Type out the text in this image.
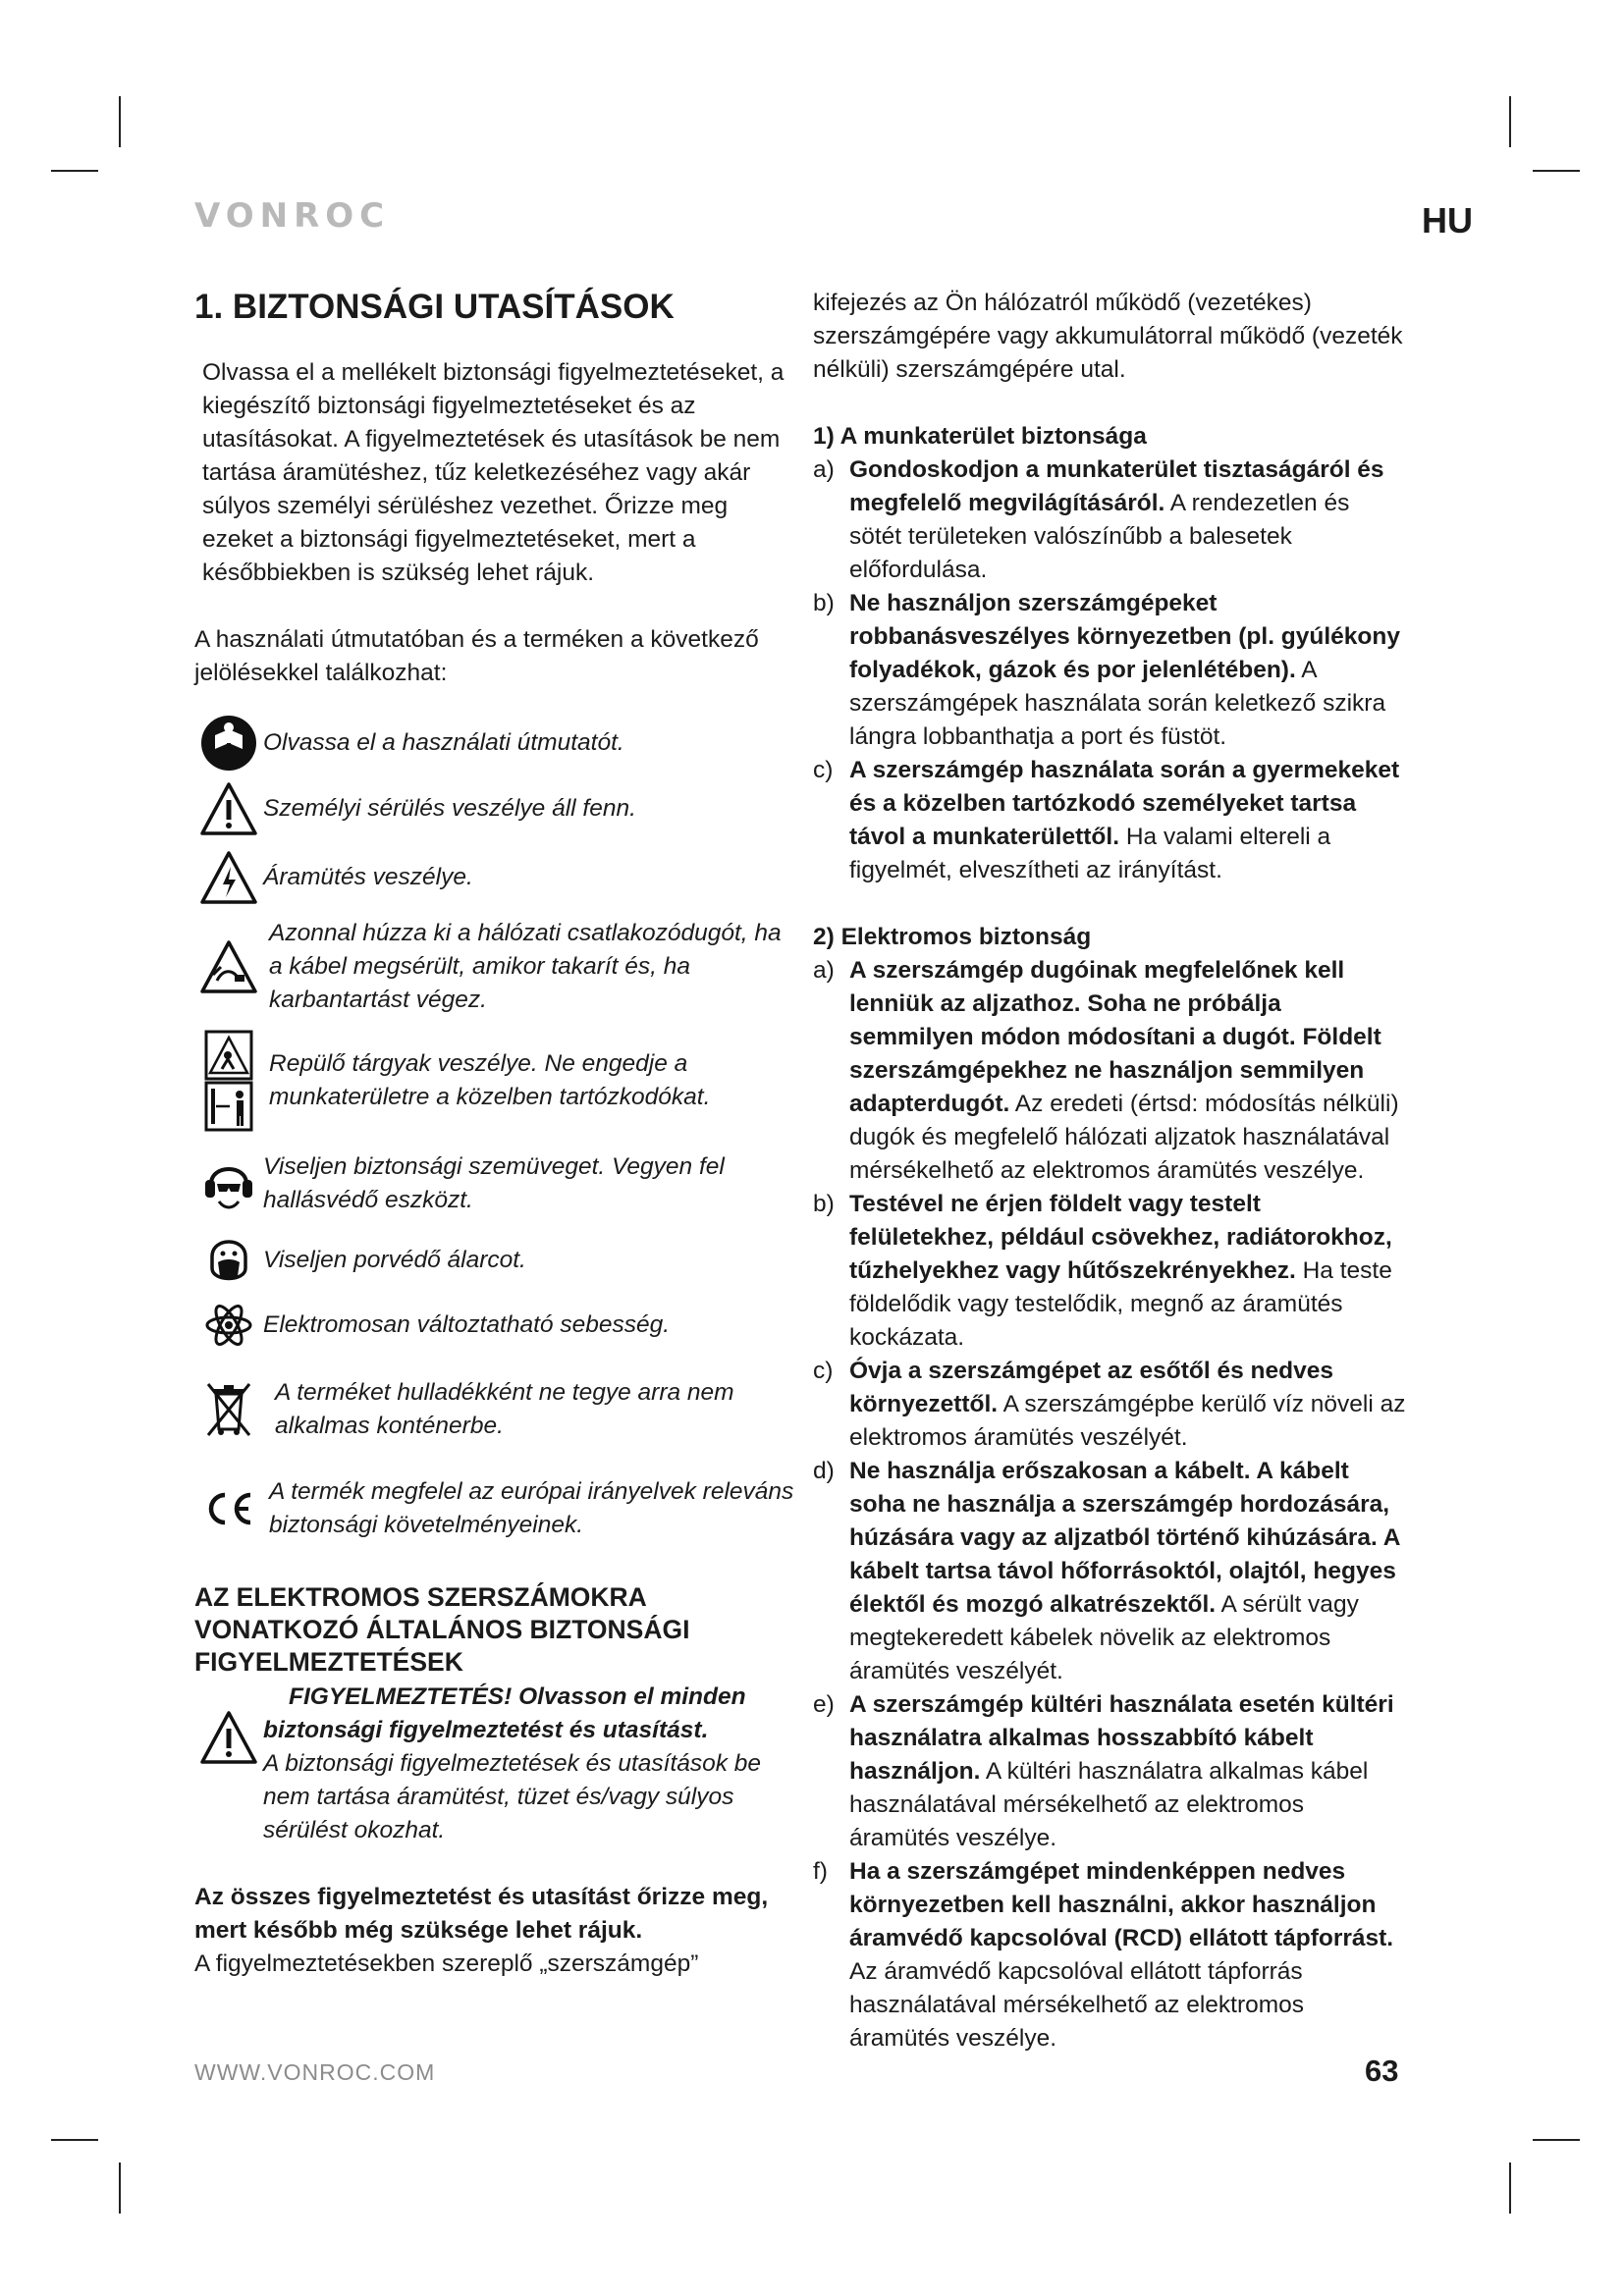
VONROC	HU
1. BIZTONSÁGI UTASÍTÁSOK

Olvassa el a mellékelt biztonsági figyelmeztetéseket, a kiegészítő biztonsági figyelmeztetéseket és az utasításokat. A figyelmeztetések és utasítások be nem tartása áramütéshez, tűz keletkezéséhez vagy akár súlyos személyi sérüléshez vezethet. Őrizze meg ezeket a biztonsági figyelmeztetéseket, mert a későbbiekben is szükség lehet rájuk.

A használati útmutatóban és a terméken a következő jelölésekkel találkozhat:

Olvassa el a használati útmutatót.
Személyi sérülés veszélye áll fenn.
Áramütés veszélye.
Azonnal húzza ki a hálózati csatlakozódugót, ha a kábel megsérült, amikor takarít és, ha karbantartást végez.
Repülő tárgyak veszélye. Ne engedje a munkaterületre a közelben tartózkodókat.
Viseljen biztonsági szemüveget. Vegyen fel hallásvédő eszközt.
Viseljen porvédő álarcot.
Elektromosan változtatható sebesség.
A terméket hulladékként ne tegye arra nem alkalmas konténerbe.
A termék megfelel az európai irányelvek releváns biztonsági követelményeinek.
AZ ELEKTROMOS SZERSZÁMOKRA VONATKOZÓ ÁLTALÁNOS BIZTONSÁGI FIGYELMEZTETÉSEK
FIGYELMEZTETÉS! Olvasson el minden biztonsági figyelmeztetést és utasítást.
A biztonsági figyelmeztetések és utasítások be nem tartása áramütést, tüzet és/vagy súlyos sérülést okozhat.

Az összes figyelmeztetést és utasítást őrizze meg, mert később még szüksége lehet rájuk.

A figyelmeztetésekben szereplő „szerszámgép”

kifejezés az Ön hálózatról működő (vezetékes) szerszámgépére vagy akkumulátorral működő (vezeték nélküli) szerszámgépére utal.

1) A munkaterület biztonsága

a) Gondoskodjon a munkaterület tisztaságáról és megfelelő megvilágításáról. A rendezetlen és sötét területeken valószínűbb a balesetek előfordulása.
b) Ne használjon szerszámgépeket robbanásveszélyes környezetben (pl. gyúlékony folyadékok, gázok és por jelenlétében). A szerszámgépek használata során keletkező szikra lángra lobbanthatja a port és füstöt.
c) A szerszámgép használata során a gyermekeket és a közelben tartózkodó személyeket tartsa távol a munkaterülettől. Ha valami eltereli a figyelmét, elveszítheti az irányítást.

2) Elektromos biztonság

a) A szerszámgép dugóinak megfelelőnek kell lenniük az aljzathoz. Soha ne próbálja semmilyen módon módosítani a dugót. Földelt szerszámgépekhez ne használjon semmilyen adapterdugót. Az eredeti (értsd: módosítás nélküli) dugók és megfelelő hálózati aljzatok használatával mérsékelhető az elektromos áramütés veszélye.
b) Testével ne érjen földelt vagy testelt felületekhez, például csövekhez, radiátorokhoz, tűzhelyekhez vagy hűtőszekrényekhez. Ha teste földelődik vagy testelődik, megnő az áramütés kockázata.
c) Óvja a szerszámgépet az esőtől és nedves környezettől. A szerszámgépbe kerülő víz növeli az elektromos áramütés veszélyét.
d) Ne használja erőszakosan a kábelt. A kábelt soha ne használja a szerszámgép hordozására, húzására vagy az aljzatból történő kihúzására. A kábelt tartsa távol hőforrásoktól, olajtól, hegyes élektől és mozgó alkatrészektől. A sérült vagy megtekeredett kábelek növelik az elektromos áramütés veszélyét.
e) A szerszámgép kültéri használata esetén kültéri használatra alkalmas hosszabbító kábelt használjon. A kültéri használatra alkalmas kábel használatával mérsékelhető az elektromos áramütés veszélye.
f) Ha a szerszámgépet mindenképpen nedves környezetben kell használni, akkor használjon áramvédő kapcsolóval (RCD) ellátott tápforrást. Az áramvédő kapcsolóval ellátott tápforrás használatával mérsékelhető az elektromos áramütés veszélye.
WWW.VONROC.COM	63
